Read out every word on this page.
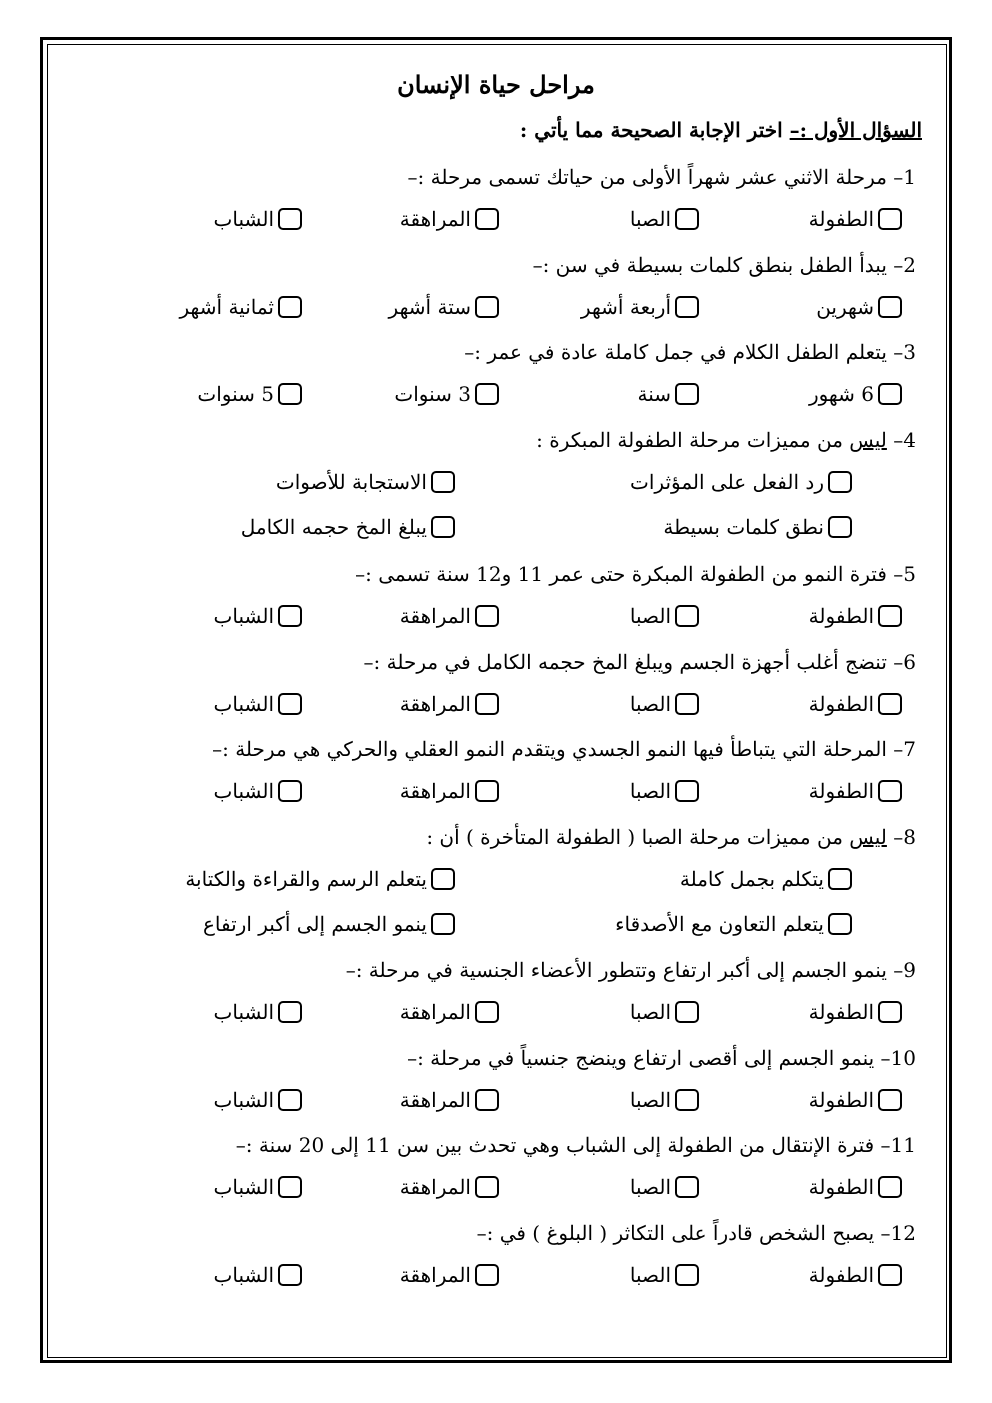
مراحل حياة الإنسان
السؤال الأول :– اختر الإجابة الصحيحة مما يأتي :
1– مرحلة الاثني عشر شهراً الأولى من حياتك تسمى مرحلة :–
الطفولة
الصبا
المراهقة
الشباب
2– يبدأ الطفل بنطق كلمات بسيطة في سن :–
شهرين
أربعة أشهر
ستة أشهر
ثمانية أشهر
3– يتعلم الطفل الكلام في جمل كاملة عادة في عمر :–
6 شهور
سنة
3 سنوات
5 سنوات
4– ليس من مميزات مرحلة الطفولة المبكرة :
رد الفعل على المؤثرات
الاستجابة للأصوات
نطق كلمات بسيطة
يبلغ المخ حجمه الكامل
5– فترة النمو من الطفولة المبكرة حتى عمر 11 و12 سنة تسمى :–
الطفولة
الصبا
المراهقة
الشباب
6– تنضج أغلب أجهزة الجسم ويبلغ المخ حجمه الكامل في مرحلة :–
الطفولة
الصبا
المراهقة
الشباب
7– المرحلة التي يتباطأ فيها النمو الجسدي ويتقدم النمو العقلي والحركي هي مرحلة :–
الطفولة
الصبا
المراهقة
الشباب
8– ليس من مميزات مرحلة الصبا ( الطفولة المتأخرة ) أن :
يتكلم بجمل كاملة
يتعلم الرسم والقراءة والكتابة
يتعلم التعاون مع الأصدقاء
ينمو الجسم إلى أكبر ارتفاع
9– ينمو الجسم إلى أكبر ارتفاع وتتطور الأعضاء الجنسية في مرحلة :–
الطفولة
الصبا
المراهقة
الشباب
10– ينمو الجسم إلى أقصى ارتفاع وينضج جنسياً في مرحلة :–
الطفولة
الصبا
المراهقة
الشباب
11– فترة الإنتقال من الطفولة إلى الشباب وهي تحدث بين سن 11 إلى 20 سنة :–
الطفولة
الصبا
المراهقة
الشباب
12– يصبح الشخص قادراً على التكاثر ( البلوغ ) في :–
الطفولة
الصبا
المراهقة
الشباب
